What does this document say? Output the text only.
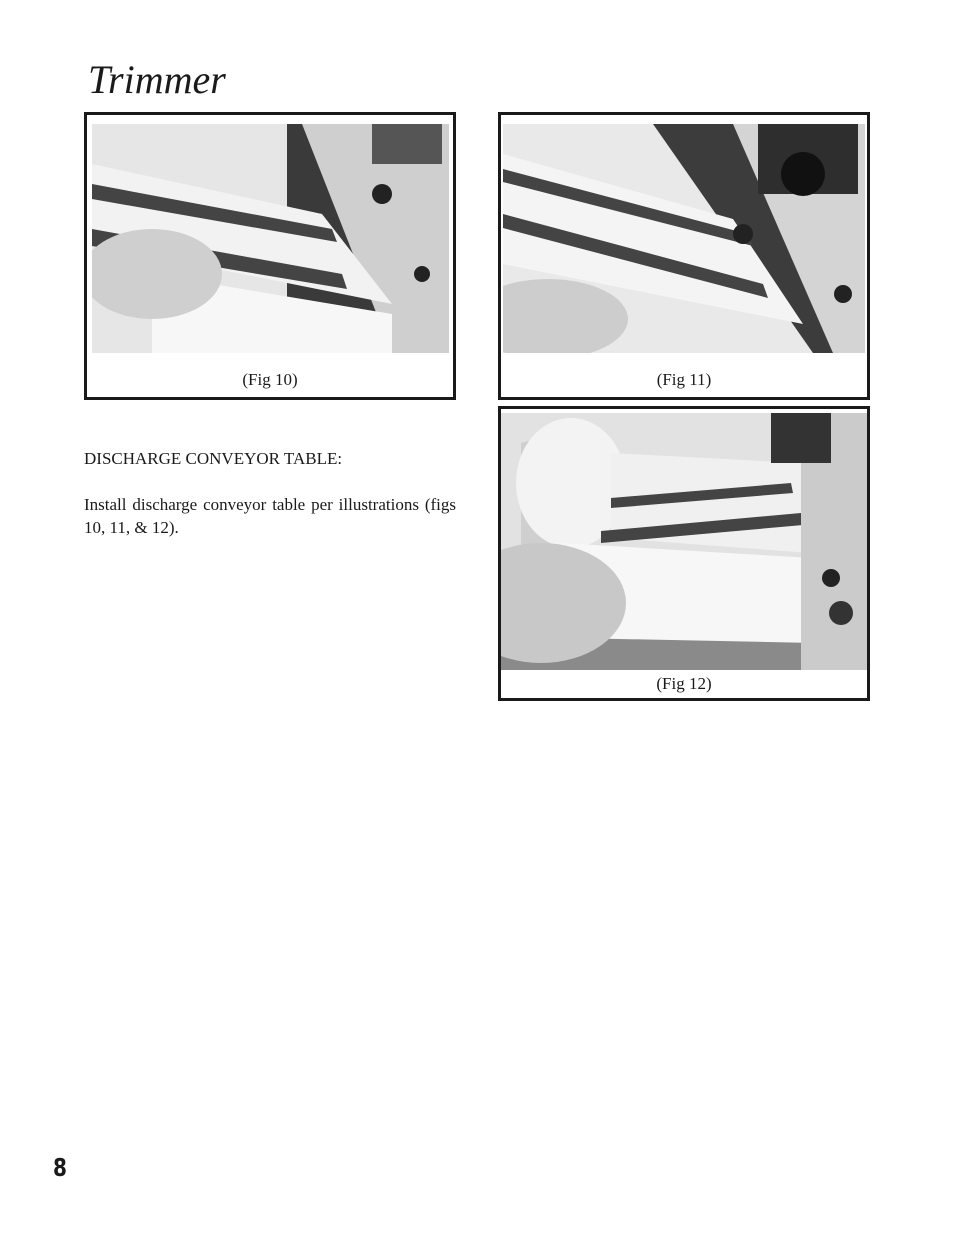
Trimmer
(Fig 10)	(Fig 11)
(Fig 12)
DISCHARGE CONVEYOR TABLE:

Install discharge conveyor table per illustrations (figs 10, 11, & 12).

8
